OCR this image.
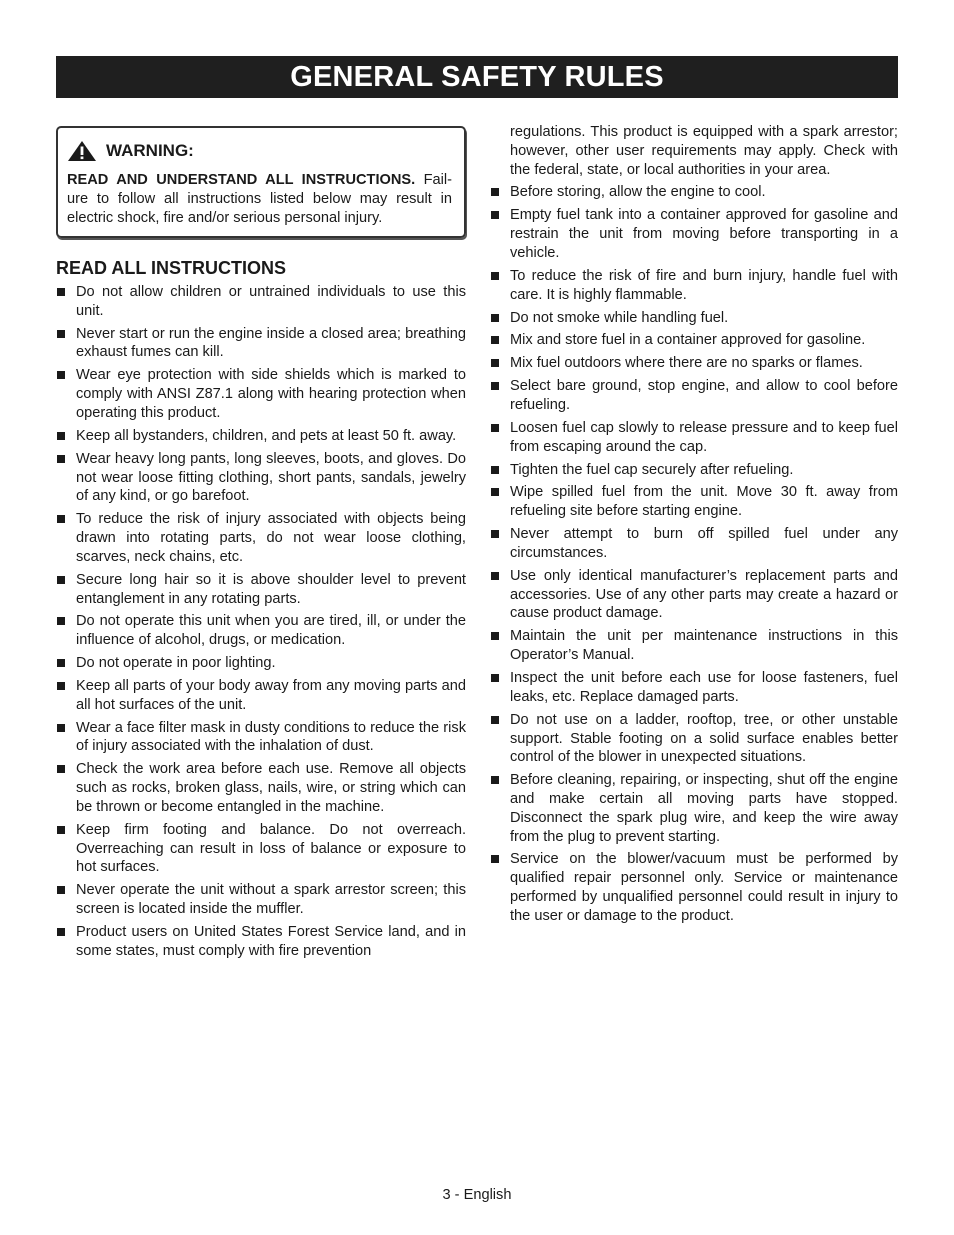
GENERAL SAFETY RULES
WARNING:
READ AND UNDERSTAND ALL INSTRUCTIONS. Fail- ure to follow all instructions listed below may result in electric shock, fire and/or serious personal injury.
READ ALL INSTRUCTIONS
Do not allow children or untrained individuals to use this unit.
Never start or run the engine inside a closed area; breathing exhaust fumes can kill.
Wear eye protection with side shields which is marked to comply with ANSI Z87.1 along with hearing protection when operating this product.
Keep all bystanders, children, and pets at least 50 ft. away.
Wear heavy long pants, long sleeves, boots, and gloves. Do not wear loose fitting clothing, short pants, sandals, jewelry of any kind, or go barefoot.
To reduce the risk of injury associated with objects being drawn into rotating parts, do not wear loose clothing, scarves, neck chains, etc.
Secure long hair so it is above shoulder level to prevent entanglement in any rotating parts.
Do not operate this unit when you are tired, ill, or under the influence of alcohol, drugs, or medication.
Do not operate in poor lighting.
Keep all parts of your body away from any moving parts and all hot surfaces of the unit.
Wear a face filter mask in dusty conditions to reduce the risk of injury associated with the inhalation of dust.
Check the work area before each use. Remove all objects such as rocks, broken glass, nails, wire, or string which can be thrown or become entangled in the machine.
Keep firm footing and balance. Do not overreach. Overreaching can result in loss of balance or exposure to hot surfaces.
Never operate the unit without a spark arrestor screen; this screen is located inside the muffler.
Product users on United States Forest Service land, and in some states, must comply with fire prevention
regulations. This product is equipped with a spark arrestor; however, other user requirements may apply. Check with the federal, state, or local authorities in your area.
Before storing, allow the engine to cool.
Empty fuel tank into a container approved for gasoline and restrain the unit from moving before transporting in a vehicle.
To reduce the risk of fire and burn injury, handle fuel with care. It is highly flammable.
Do not smoke while handling fuel.
Mix and store fuel in a container approved for gasoline.
Mix fuel outdoors where there are no sparks or flames.
Select bare ground, stop engine, and allow to cool before refueling.
Loosen fuel cap slowly to release pressure and to keep fuel from escaping around the cap.
Tighten the fuel cap securely after refueling.
Wipe spilled fuel from the unit. Move 30 ft. away from refueling site before starting engine.
Never attempt to burn off spilled fuel under any circumstances.
Use only identical manufacturer’s replacement parts and accessories. Use of any other parts may create a hazard or cause product damage.
Maintain the unit per maintenance instructions in this Operator’s Manual.
Inspect the unit before each use for loose fasteners, fuel leaks, etc. Replace damaged parts.
Do not use on a ladder, rooftop, tree, or other unstable support. Stable footing on a solid surface enables better control of the blower in unexpected situations.
Before cleaning, repairing, or inspecting, shut off the engine and make certain all moving parts have stopped. Disconnect the spark plug wire, and keep the wire away from the plug to prevent starting.
Service on the blower/vacuum must be performed by qualified repair personnel only. Service or maintenance performed by unqualified personnel could result in injury to the user or damage to the product.
3 - English
